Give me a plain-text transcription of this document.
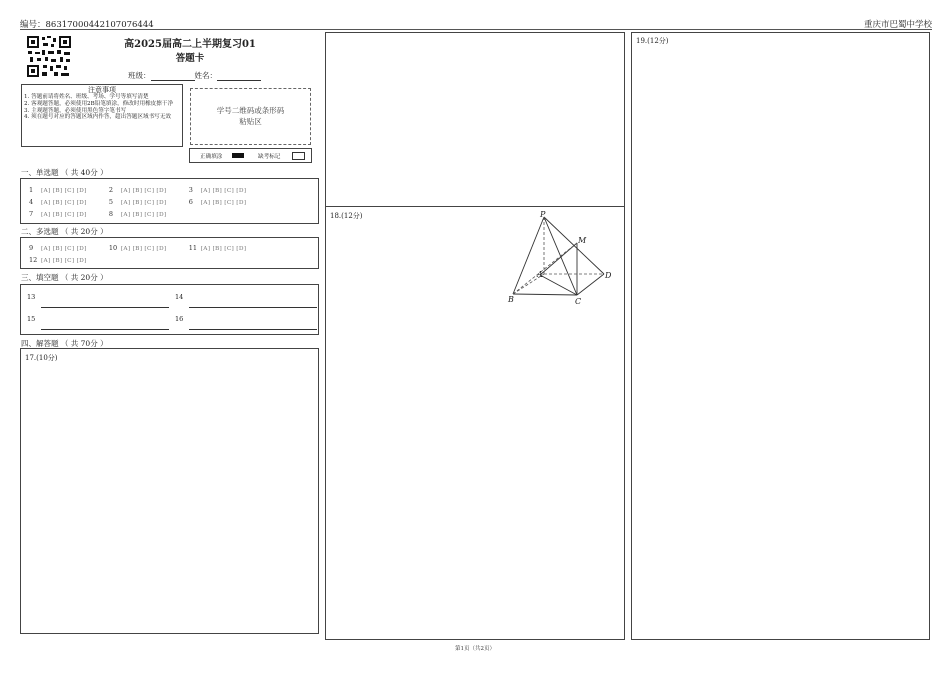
编号：86317000442107076444	重庆市巴蜀中学校
高2025届高二上半期复习01
答题卡
班级：	姓名：
注意事项
1. 答题前请将姓名、班级、考场、学号等填写清楚
2. 客观题答题，必须使用2B铅笔填涂，修改时用橡皮擦干净
3. 主观题答题，必须使用黑色签字笔书写
4. 须在题号对应的答题区域内作答，超出答题区域书写无效
学号二维码或条形码
粘贴区
正确填涂	缺考标记
一、单选题 （ 共 40分 ）
1 [A] [B] [C] [D]	2 [A] [B] [C] [D]	3 [A] [B] [C] [D]
4 [A] [B] [C] [D]	5 [A] [B] [C] [D]	6 [A] [B] [C] [D]
7 [A] [B] [C] [D]	8 [A] [B] [C] [D]
二、多选题 （ 共 20分 ）
9 [A] [B] [C] [D]	10 [A] [B] [C] [D]	11 [A] [B] [C] [D]
12 [A] [B] [C] [D]
三、填空题 （ 共 20分 ）
13	14
15	16
四、解答题 （ 共 70分 ）
17.(10分)
18.(12分)	P
M
A	D
B	C
19.(12分)
第1页（共2页）
